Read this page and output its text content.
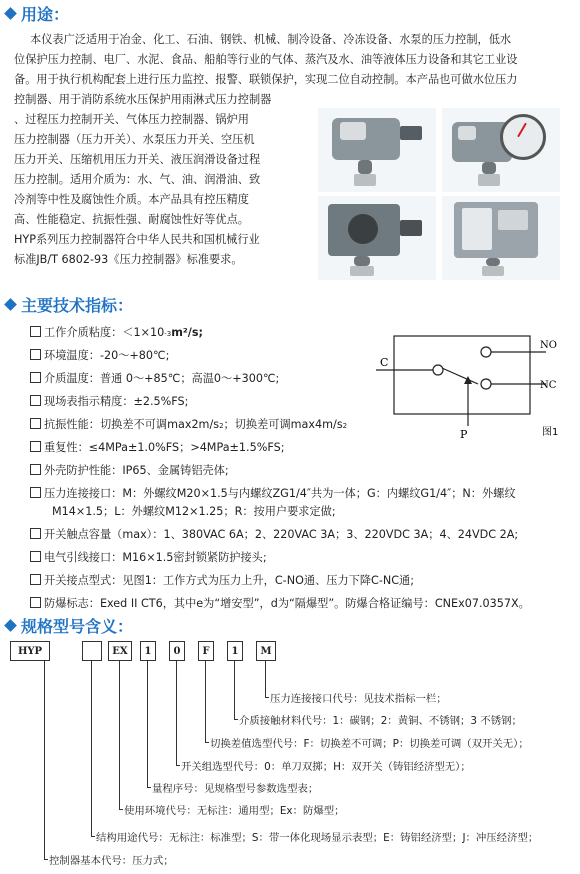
用途：
本仪表广泛适用于冶金、化工、石油、钢铁、机械、制冷设备、冷冻设备、水泵的压力控制，低水
位保护压力控制、电厂、水泥、食品、船舶等行业的气体、蒸汽及水、油等液体压力设备和其它工业设
备。用于执行机构配套上进行压力监控、报警、联锁保护，实现二位自动控制。本产品也可做水位压力
控制器、用于消防系统水压保护用雨淋式压力控制器
、过程压力控制开关、气体压力控制器、锅炉用
压力控制器（压力开关）、水泵压力开关、空压机
压力开关、压缩机用压力开关、液压润滑设备过程
压力控制。适用介质为：水、气、油、润滑油、致
冷剂等中性及腐蚀性介质。本产品具有控压精度
高、性能稳定、抗振性强、耐腐蚀性好等优点。
HYP系列压力控制器符合中华人民共和国机械行业
标准JB/T 6802-93《压力控制器》标准要求。
主要技术指标：
工作介质粘度：＜1×10 -3 m²/s;
环境温度：-20～+80℃;
介质温度：普通 0～+85℃；高温0～+300℃;
现场表指示精度：±2.5%FS;
抗振性能：切换差不可调max2m/s 2 ；切换差可调max4m/s 2
重复性：≤4MPa±1.0%FS；>4MPa±1.5%FS;
外壳防护性能：IP65、金属铸铝壳体;
压力连接接口：M：外螺纹M20×1.5与内螺纹ZG1/4″共为一体；G：内螺纹G1/4″；N：外螺纹
M14×1.5；L：外螺纹M12×1.25；R：按用户要求定做;
开关触点容量（max）：1、380VAC 6A；2、220VAC 3A；3、220VDC 3A；4、24VDC 2A;
电气引线接口：M16×1.5密封锁紧防护接头;
开关接点型式：见图1：工作方式为压力上升，C-NO通、压力下降C-NC通;
防爆标志：Exed II CT6，其中e为“增安型”，d为“隔爆型”。防爆合格证编号：CNEx07.0357X。
C
NO
NC
P	图1
规格型号含义：
HYP	EX	1	0	F	1	M
压力连接接口代号：见技术指标一栏；
介质接触材料代号：1：碳钢；2：黄铜、不锈钢；3 不锈钢；
切换差值选型代号：F：切换差不可调；P：切换差可调（双开关无）；
开关组选型代号：0：单刀双掷；H：双开关（铸铝经济型无）；
量程序号：见规格型号参数选型表；
使用环境代号：无标注：通用型；Ex：防爆型；
结构用途代号：无标注：标准型；S：带一体化现场显示表型；E：铸铝经济型；J：冲压经济型；
控制器基本代号：压力式；
